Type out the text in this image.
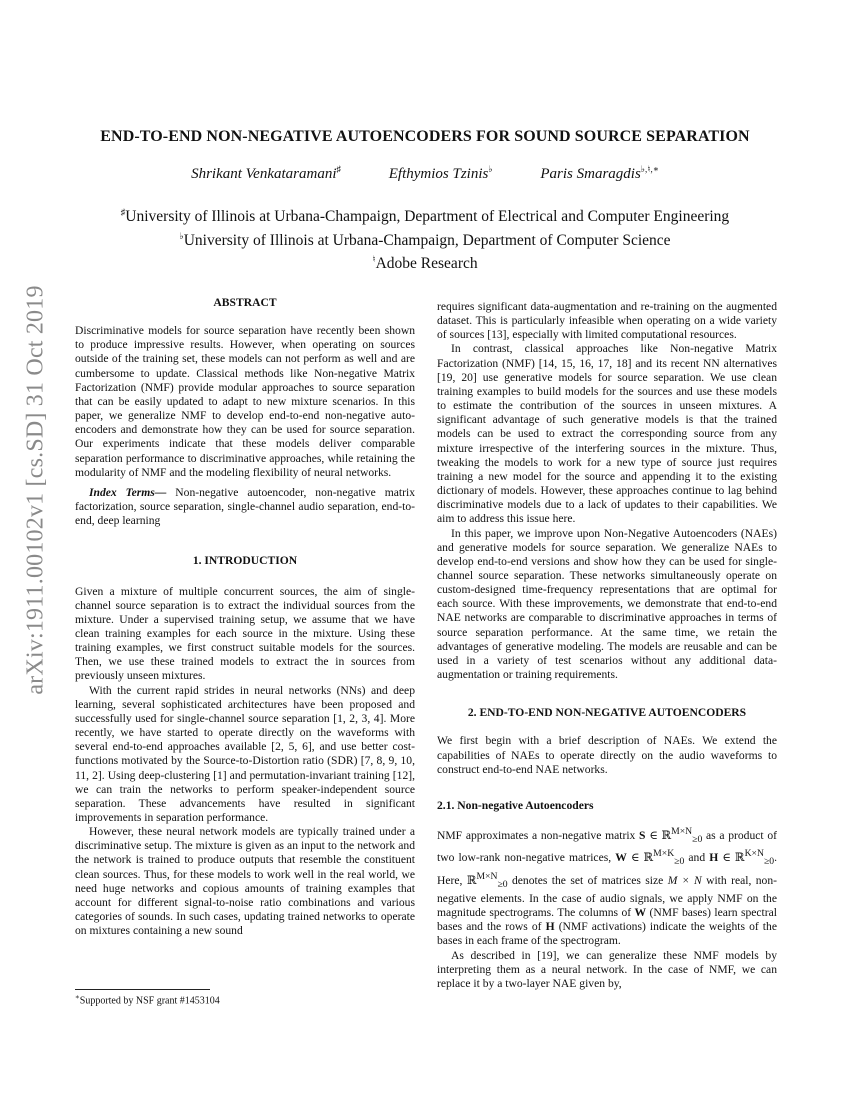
arXiv:1911.00102v1 [cs.SD] 31 Oct 2019
END-TO-END NON-NEGATIVE AUTOENCODERS FOR SOUND SOURCE SEPARATION
Shrikant Venkataramani♯	Efthymios Tzinis♭	Paris Smaragdis♭,♮,∗
♯University of Illinois at Urbana-Champaign, Department of Electrical and Computer Engineering
♭University of Illinois at Urbana-Champaign, Department of Computer Science
♮Adobe Research
ABSTRACT

Discriminative models for source separation have recently been shown to produce impressive results. However, when operating on sources outside of the training set, these models can not perform as well and are cumbersome to update. Classical methods like Non-negative Matrix Factorization (NMF) provide modular approaches to source separation that can be easily updated to adapt to new mixture scenarios. In this paper, we generalize NMF to develop end-to-end non-negative auto-encoders and demonstrate how they can be used for source separation. Our experiments indicate that these models deliver comparable separation performance to discriminative approaches, while retaining the modularity of NMF and the modeling flexibility of neural networks.

Index Terms— Non-negative autoencoder, non-negative matrix factorization, source separation, single-channel audio separation, end-to-end, deep learning

1. INTRODUCTION

Given a mixture of multiple concurrent sources, the aim of single-channel source separation is to extract the individual sources from the mixture. Under a supervised training setup, we assume that we have clean training examples for each source in the mixture. Using these training examples, we first construct suitable models for the sources. Then, we use these trained models to extract the in sources from previously unseen mixtures.

With the current rapid strides in neural networks (NNs) and deep learning, several sophisticated architectures have been proposed and successfully used for single-channel source separation [1, 2, 3, 4]. More recently, we have started to operate directly on the waveforms with several end-to-end approaches available [2, 5, 6], and use better cost-functions motivated by the Source-to-Distortion ratio (SDR) [7, 8, 9, 10, 11, 2]. Using deep-clustering [1] and permutation-invariant training [12], we can train the networks to perform speaker-independent source separation. These advancements have resulted in significant improvements in separation performance.

However, these neural network models are typically trained under a discriminative setup. The mixture is given as an input to the network and the network is trained to produce outputs that resemble the constituent clean sources. Thus, for these models to work well in the real world, we need huge networks and copious amounts of training examples that account for different signal-to-noise ratio combinations and various categories of sounds. In such cases, updating trained networks to operate on mixtures containing a new sound

requires significant data-augmentation and re-training on the augmented dataset. This is particularly infeasible when operating on a wide variety of sources [13], especially with limited computational resources.

In contrast, classical approaches like Non-negative Matrix Factorization (NMF) [14, 15, 16, 17, 18] and its recent NN alternatives [19, 20] use generative models for source separation. We use clean training examples to build models for the sources and use these models to estimate the contribution of the sources in unseen mixtures. A significant advantage of such generative models is that the trained models can be used to extract the corresponding source from any mixture irrespective of the interfering sources in the mixture. Thus, tweaking the models to work for a new type of source just requires training a new model for the source and appending it to the existing dictionary of models. However, these approaches continue to lag behind discriminative models due to a lack of updates to their capabilities. We aim to address this issue here.

In this paper, we improve upon Non-Negative Autoencoders (NAEs) and generative models for source separation. We generalize NAEs to develop end-to-end versions and show how they can be used for single-channel source separation. These networks simultaneously operate on custom-designed time-frequency representations that are optimal for each source. With these improvements, we demonstrate that end-to-end NAE networks are comparable to discriminative approaches in terms of source separation performance. At the same time, we retain the advantages of generative modeling. The models are reusable and can be used in a variety of test scenarios without any additional data-augmentation or training requirements.

2. END-TO-END NON-NEGATIVE AUTOENCODERS

We first begin with a brief description of NAEs. We extend the capabilities of NAEs to operate directly on the audio waveforms to construct end-to-end NAE networks.

2.1. Non-negative Autoencoders

NMF approximates a non-negative matrix S ∈ ℝ$^{M\times N}_{\ge 0}$ as a product of two low-rank non-negative matrices, W ∈ ℝ$^{M\times K}_{\ge 0}$ and H ∈ ℝ$^{K\times N}_{\ge 0}$. Here, ℝ$^{M\times N}_{\ge 0}$ denotes the set of matrices size M × N with real, non-negative elements. In the case of audio signals, we apply NMF on the magnitude spectrograms. The columns of W (NMF bases) learn spectral bases and the rows of H (NMF activations) indicate the weights of the bases in each frame of the spectrogram.

As described in [19], we can generalize these NMF models by interpreting them as a neural network. In the case of NMF, we can replace it by a two-layer NAE given by,

∗Supported by NSF grant #1453104
